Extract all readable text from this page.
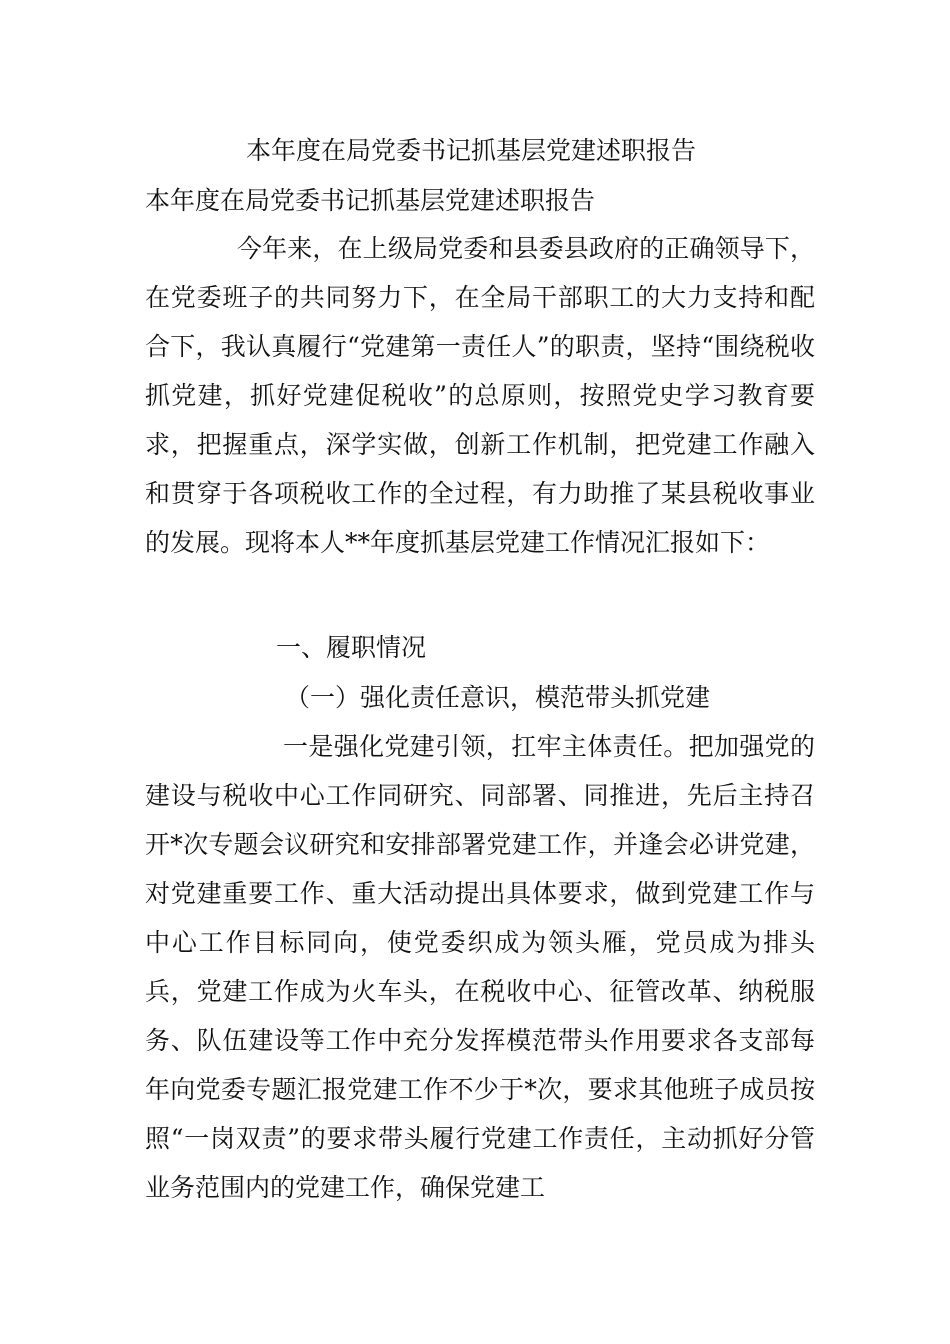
本年度在局党委书记抓基层党建述职报告
本年度在局党委书记抓基层党建述职报告

今年来，在上级局党委和县委县政府的正确领导下，在党委班子的共同努力下，在全局干部职工的大力支持和配合下，我认真履行“党建第一责任人”的职责，坚持“围绕税收抓党建，抓好党建促税收”的总原则，按照党史学习教育要求，把握重点，深学实做，创新工作机制，把党建工作融入和贯穿于各项税收工作的全过程，有力助推了某县税收事业的发展。现将本人**年度抓基层党建工作情况汇报如下：

一、履职情况
（一）强化责任意识，模范带头抓党建

一是强化党建引领，扛牢主体责任。把加强党的建设与税收中心工作同研究、同部署、同推进，先后主持召开*次专题会议研究和安排部署党建工作，并逢会必讲党建，对党建重要工作、重大活动提出具体要求，做到党建工作与中心工作目标同向，使党委织成为领头雁，党员成为排头兵，党建工作成为火车头，在税收中心、征管改革、纳税服务、队伍建设等工作中充分发挥模范带头作用要求各支部每年向党委专题汇报党建工作不少于*次，要求其他班子成员按照“一岗双责”的要求带头履行党建工作责任，主动抓好分管业务范围内的党建工作，确保党建工
